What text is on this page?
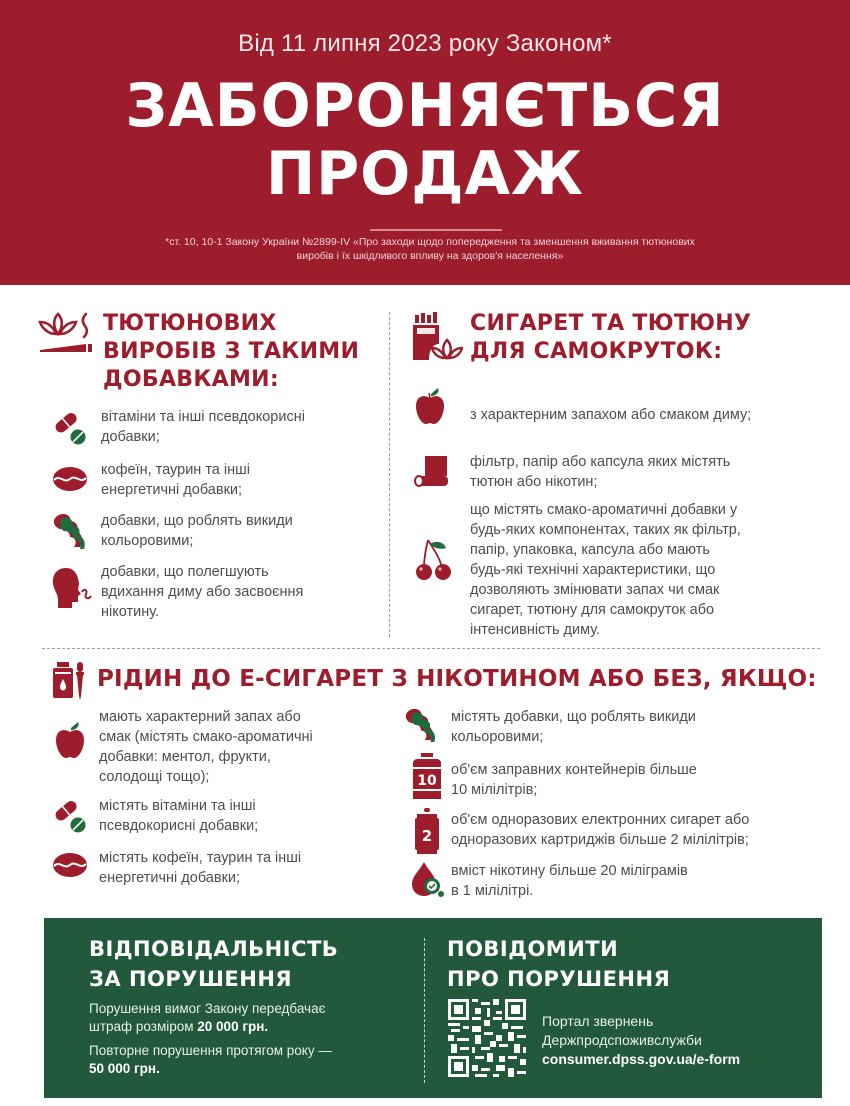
Від 11 липня 2023 року Законом*
ЗАБОРОНЯЄТЬСЯ
ПРОДАЖ
*ст. 10, 10-1 Закону України №2899-IV «Про заходи щодо попередження та зменшення вживання тютюнових
виробів і їх шкідливого впливу на здоров'я населення»
ТЮТЮНОВИХ
ВИРОБІВ З ТАКИМИ
ДОБАВКАМИ:
вітаміни та інші псевдокорисні
добавки;
кофеїн, таурин та інші
енергетичні добавки;
добавки, що роблять викиди
кольоровими;
добавки, що полегшують
вдихання диму або засвоєння
нікотину.
СИГАРЕТ ТА ТЮТЮНУ
ДЛЯ САМОКРУТОК:
з характерним запахом або смаком диму;
фільтр, папір або капсула яких містять
тютюн або нікотин;
що містять смако-ароматичні добавки у
будь-яких компонентах, таких як фільтр,
папір, упаковка, капсула або мають
будь-які технічні характеристики, що
дозволяють змінювати запах чи смак
сигарет, тютюну для самокруток або
інтенсивність диму.
РІДИН ДО Е-СИГАРЕТ З НІКОТИНОМ АБО БЕЗ, ЯКЩО:
мають характерний запах або
смак (містять смако-ароматичні
добавки: ментол, фрукти,
солодощі тощо);
містять вітаміни та інші
псевдокорисні добавки;
містять кофеїн, таурин та інші
енергетичні добавки;
містять добавки, що роблять викиди
кольоровими;
10
об'єм заправних контейнерів більше
10 мілілітрів;
2
об'єм одноразових електронних сигарет або
одноразових картриджів більше 2 мілілітрів;
вміст нікотину більше 20 міліграмів
в 1 мілілітрі.
ВІДПОВІДАЛЬНІСТЬ
ЗА ПОРУШЕННЯ
Порушення вимог Закону передбачає
штраф розміром 20 000 грн.
Повторне порушення протягом року —
50 000 грн.
ПОВІДОМИТИ
ПРО ПОРУШЕННЯ
Портал звернень
Держпродспоживслужби
consumer.dpss.gov.ua/e-form
